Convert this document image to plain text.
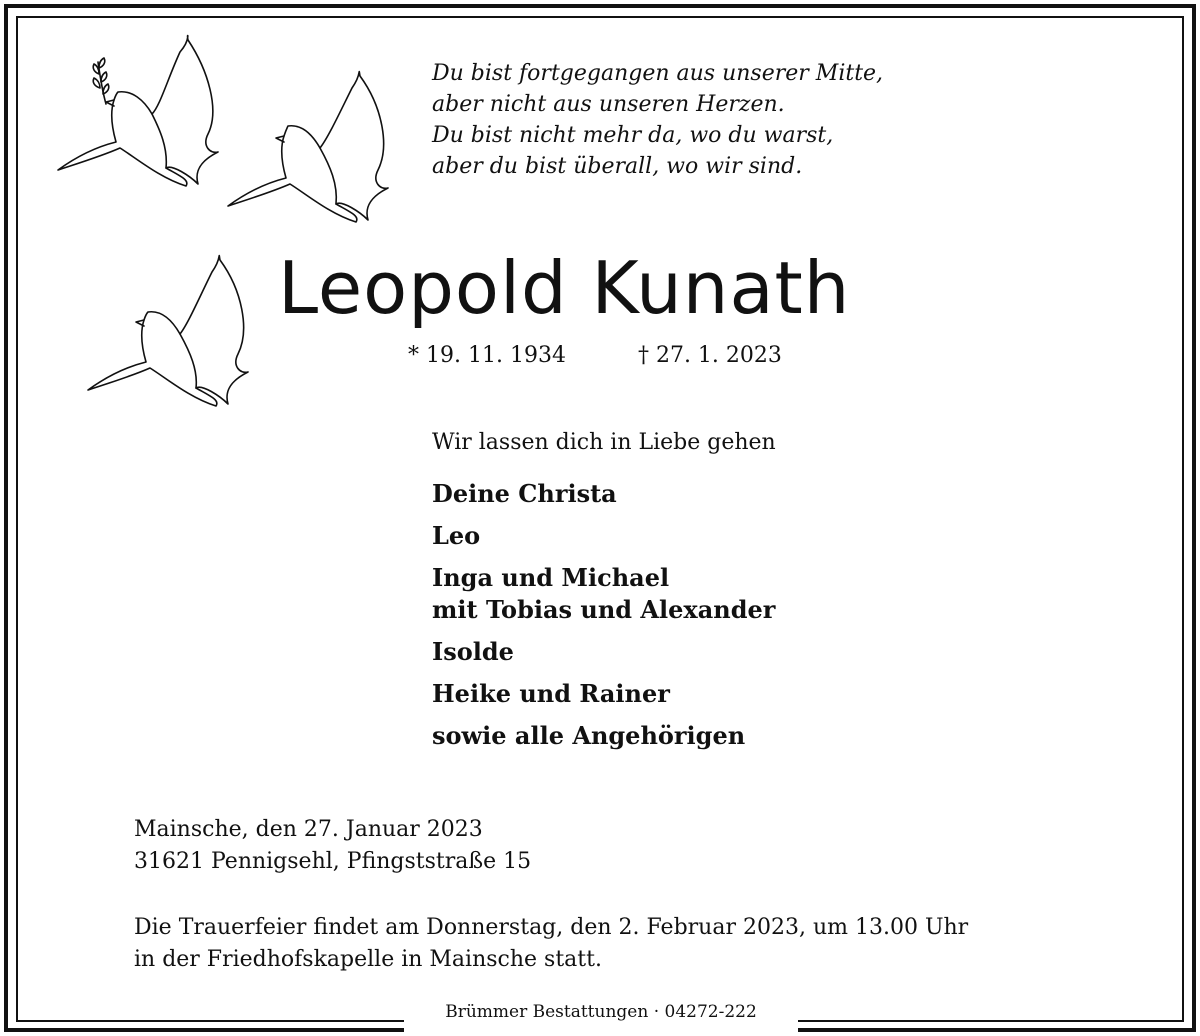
Du bist fortgegangen aus unserer Mitte,
aber nicht aus unseren Herzen.
Du bist nicht mehr da, wo du warst,
aber du bist überall, wo wir sind.
Leopold Kunath
* 19. 11. 1934	† 27. 1. 2023
Wir lassen dich in Liebe gehen
Deine Christa
Leo
Inga und Michael
mit Tobias und Alexander
Isolde
Heike und Rainer
sowie alle Angehörigen
Mainsche, den 27. Januar 2023
31621 Pennigsehl, Pfingststraße 15
Die Trauerfeier findet am Donnerstag, den 2. Februar 2023, um 13.00 Uhr
in der Friedhofskapelle in Mainsche statt.
Brümmer Bestattungen · 04272-222
